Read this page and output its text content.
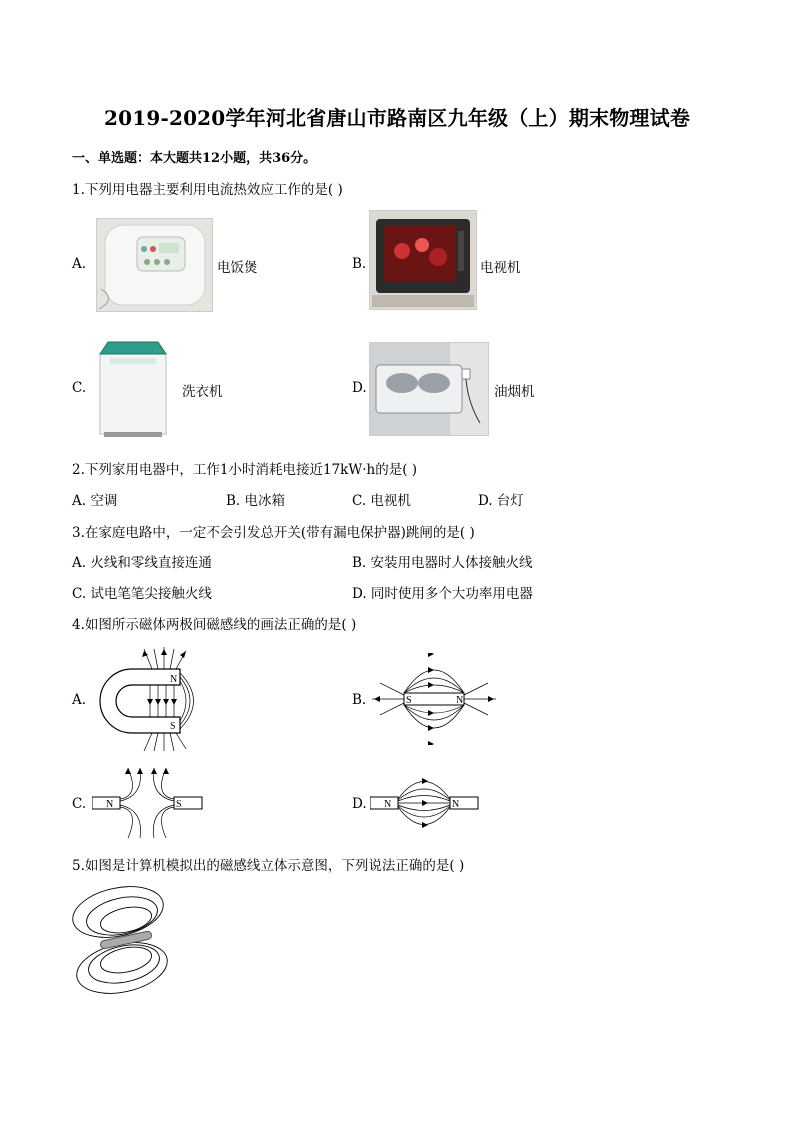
2019-2020学年河北省唐山市路南区九年级（上）期末物理试卷
一、单选题：本大题共12小题，共36分。
1.下列用电器主要利用电流热效应工作的是( )
A.	电饭煲	B.	电视机
C.	洗衣机	D.	油烟机
2.下列家用电器中，工作1小时消耗电接近17kW·h的是( )
A. 空调	B. 电冰箱	C. 电视机	D. 台灯
3.在家庭电路中，一定不会引发总开关(带有漏电保护器)跳闸的是( )
A. 火线和零线直接连通	B. 安装用电器时人体接触火线
C. 试电笔笔尖接触火线	D. 同时使用多个大功率用电器
4.如图所示磁体两极间磁感线的画法正确的是( )
A.
N
S
B.	S	N
C. N	S	D. N	N
5.如图是计算机模拟出的磁感线立体示意图，下列说法正确的是( )
